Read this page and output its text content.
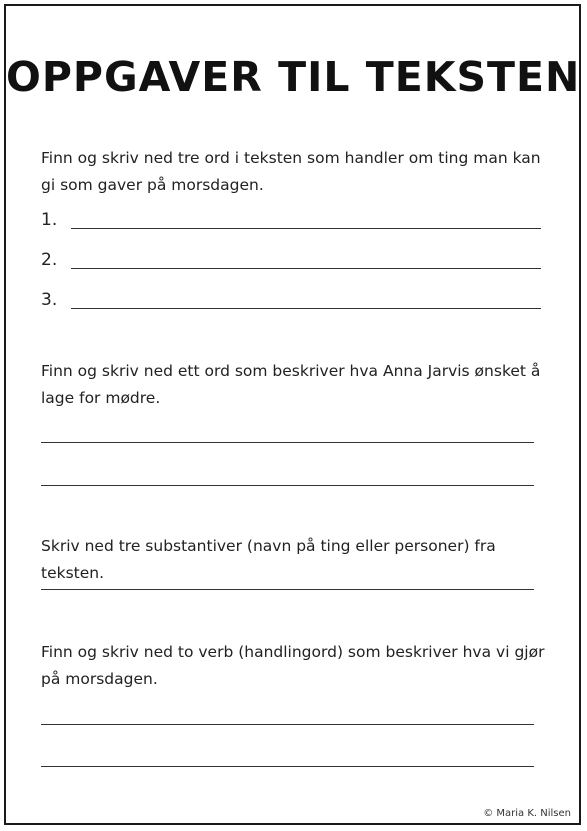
OPPGAVER TIL TEKSTEN
Finn og skriv ned tre ord i teksten som handler om ting man kan gi som gaver på morsdagen.
1.
2.
3.
Finn og skriv ned ett ord som beskriver hva Anna Jarvis ønsket å lage for mødre.
Skriv ned tre substantiver (navn på ting eller personer) fra teksten.
Finn og skriv ned to verb (handlingord) som beskriver hva vi gjør på morsdagen.
© Maria K. Nilsen
